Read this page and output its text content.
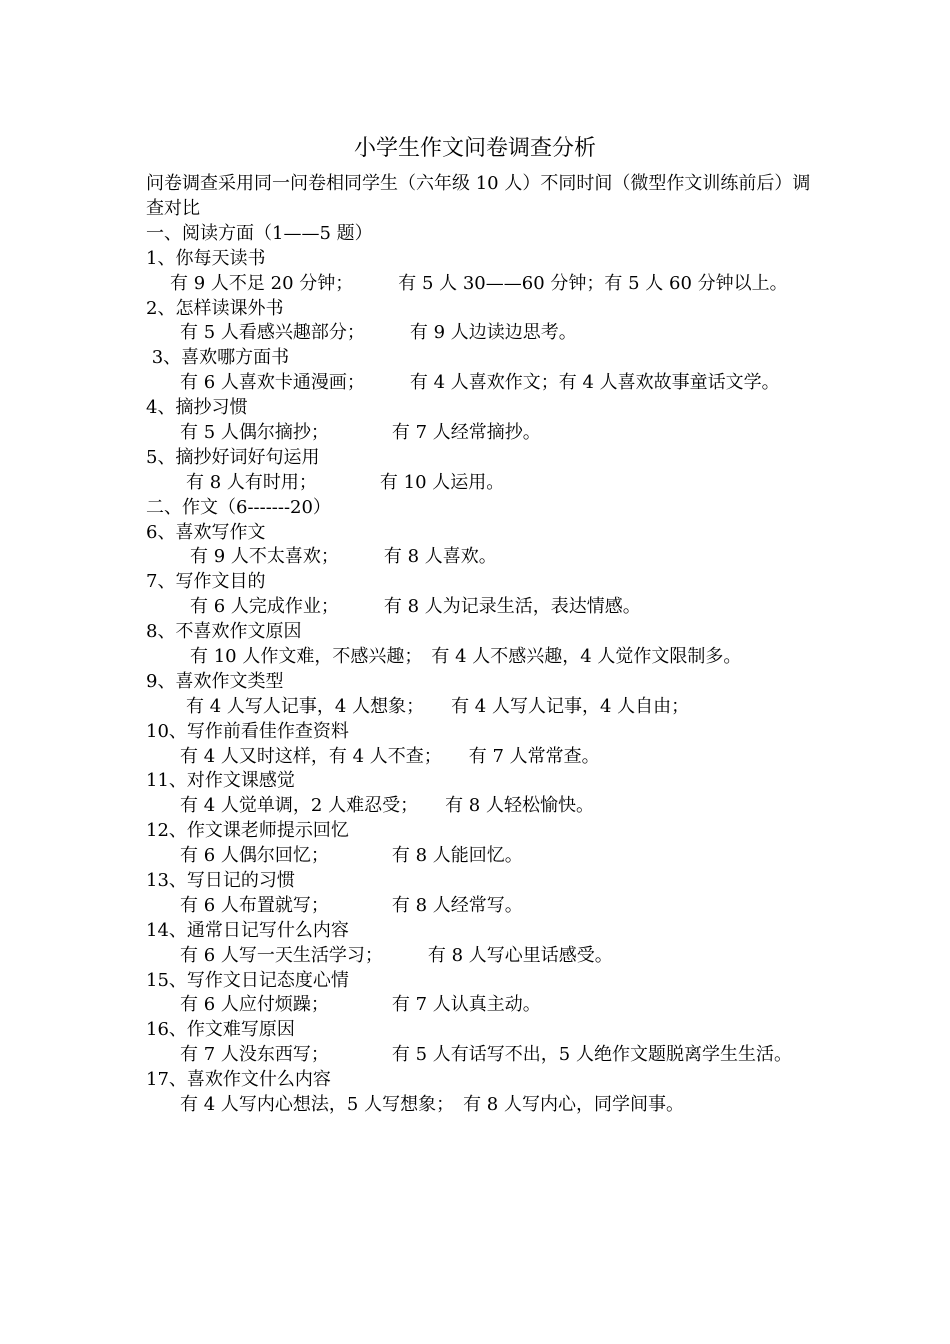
小学生作文问卷调查分析
问卷调查采用同一问卷相同学生（六年级 10 人）不同时间（微型作文训练前后）调查对比
一、阅读方面（1——5 题）
1、你每天读书
有 9 人不足 20 分钟；　　　有 5 人 30——60 分钟；有 5 人 60 分钟以上。
2、怎样读课外书
有 5 人看感兴趣部分；　　　有 9 人边读边思考。
3、喜欢哪方面书
有 6 人喜欢卡通漫画；　　　有 4 人喜欢作文；有 4 人喜欢故事童话文学。
4、摘抄习惯
有 5 人偶尔摘抄；　　　　有 7 人经常摘抄。
5、摘抄好词好句运用
有 8 人有时用；　　　　有 10 人运用。
二、作文（6-------20）
6、喜欢写作文
有 9 人不太喜欢；　　　有 8 人喜欢。
7、写作文目的
有 6 人完成作业；　　　有 8 人为记录生活，表达情感。
8、不喜欢作文原因
有 10 人作文难，不感兴趣；　有 4 人不感兴趣，4 人觉作文限制多。
9、喜欢作文类型
有 4 人写人记事，4 人想象；　　有 4 人写人记事，4 人自由；
10、写作前看佳作查资料
有 4 人又时这样，有 4 人不查；　　有 7 人常常查。
11、对作文课感觉
有 4 人觉单调，2 人难忍受；　　有 8 人轻松愉快。
12、作文课老师提示回忆
有 6 人偶尔回忆；　　　　有 8 人能回忆。
13、写日记的习惯
有 6 人布置就写；　　　　有 8 人经常写。
14、通常日记写什么内容
有 6 人写一天生活学习；　　　有 8 人写心里话感受。
15、写作文日记态度心情
有 6 人应付烦躁；　　　　有 7 人认真主动。
16、作文难写原因
有 7 人没东西写；　　　　有 5 人有话写不出，5 人绝作文题脱离学生生活。
17、喜欢作文什么内容
有 4 人写内心想法，5 人写想象；　有 8 人写内心，同学间事。
